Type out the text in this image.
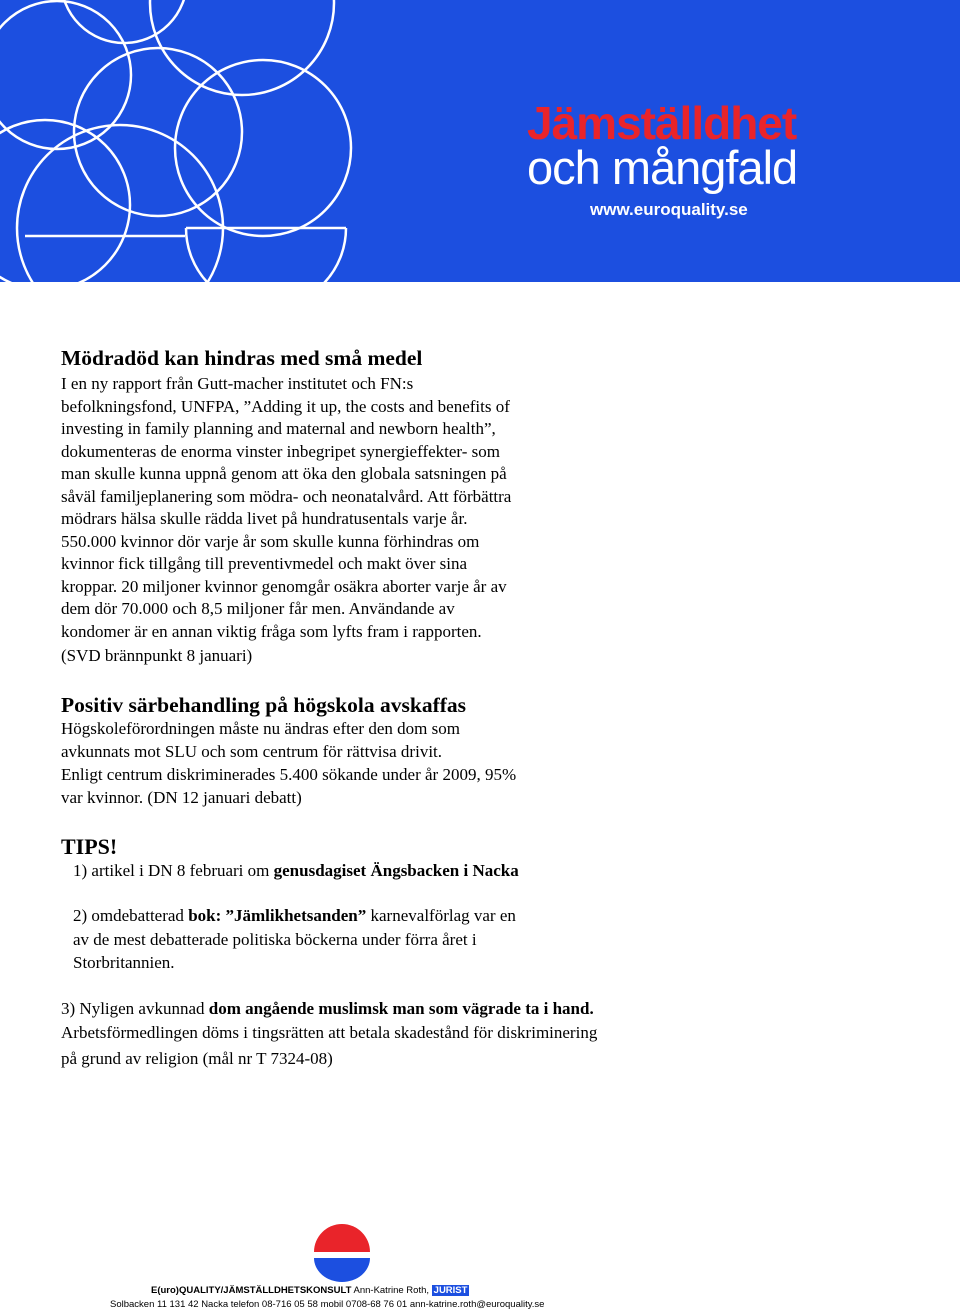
Jämställdhet
och mångfald
www.euroquality.se
Mödradöd kan hindras med små medel
I en ny rapport från Gutt-macher institutet och FN:s
befolkningsfond, UNFPA, ”Adding it up, the costs and benefits of
investing in family planning and maternal and newborn health”,
dokumenteras de enorma vinster inbegripet synergieffekter- som
man skulle kunna uppnå genom att öka den globala satsningen på
såväl familjeplanering som mödra- och neonatalvård. Att förbättra
mödrars hälsa skulle rädda livet på hundratusentals varje år.
550.000 kvinnor dör varje år som skulle kunna förhindras om
kvinnor fick tillgång till preventivmedel och makt över sina
kroppar. 20 miljoner kvinnor genomgår osäkra aborter varje år av
dem dör 70.000 och 8,5 miljoner får men. Användande av
kondomer är en annan viktig fråga som lyfts fram i rapporten.
(SVD brännpunkt 8 januari)
Positiv särbehandling på högskola avskaffas
Högskoleförordningen måste nu ändras efter den dom som
avkunnats mot SLU och som centrum för rättvisa drivit.
Enligt centrum diskriminerades 5.400 sökande under år 2009, 95%
var kvinnor. (DN 12 januari debatt)
TIPS!
1) artikel i DN 8 februari om genusdagiset Ängsbacken i Nacka
2) omdebatterad bok: ”Jämlikhetsanden” karnevalförlag var en
av de mest debatterade politiska böckerna under förra året i
Storbritannien.
3) Nyligen avkunnad dom angående muslimsk man som vägrade ta i hand.
Arbetsförmedlingen döms i tingsrätten att betala skadestånd för diskriminering
på grund av religion (mål nr T 7324-08)
E(uro)QUALITY/JÄMSTÄLLDHETSKONSULT Ann-Katrine Roth, JURIST
Solbacken 11 131 42 Nacka telefon 08-716 05 58 mobil 0708-68 76 01 ann-katrine.roth@euroquality.se
